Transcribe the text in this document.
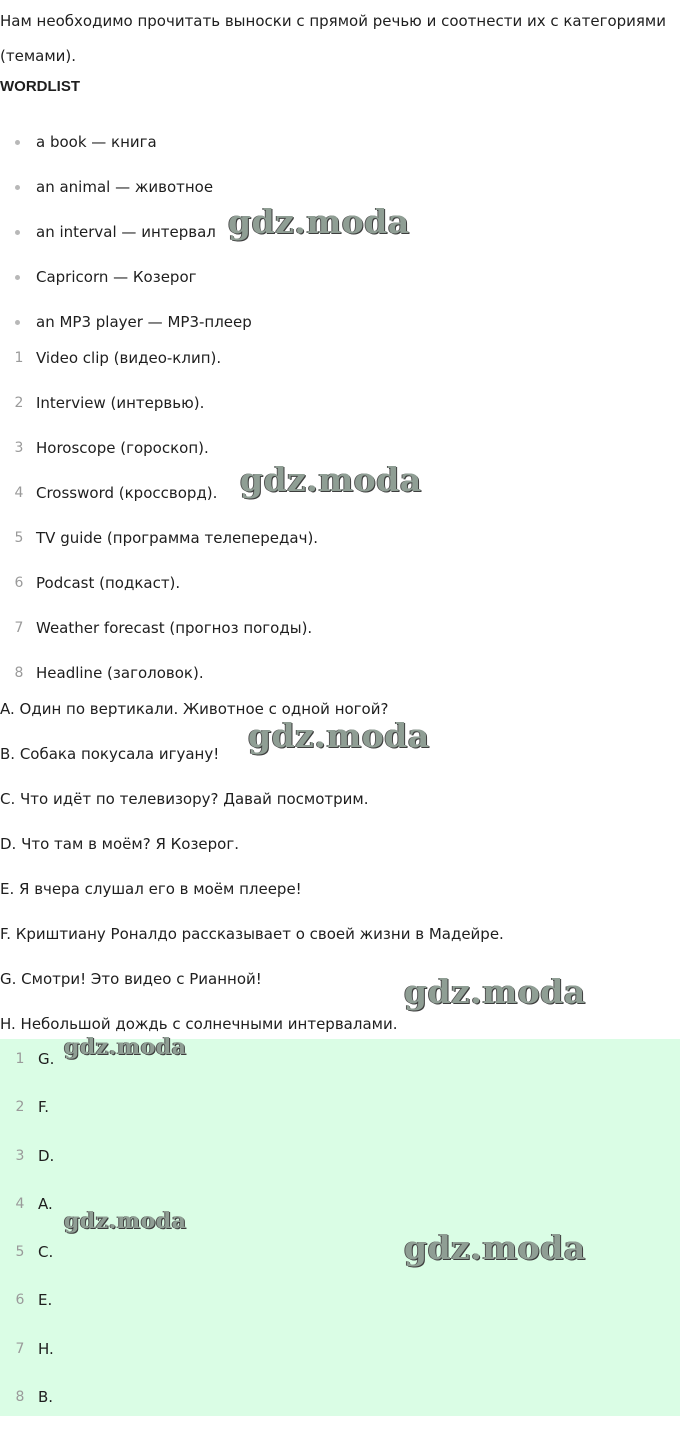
Нам необходимо прочитать выноски с прямой речью и соотнести их с категориями (темами).

WORDLIST

a book — книга
an animal — животное
an interval — интервал
Capricorn — Козерог
an MP3 player — MP3-плеер
1 Video clip (видео-клип).
2 Interview (интервью).
3 Horoscope (гороскоп).
4 Crossword (кроссворд).
5 TV guide (программа телепередач).
6 Podcast (подкаст).
7 Weather forecast (прогноз погоды).
8 Headline (заголовок).
A. Один по вертикали. Животное с одной ногой?
B. Собака покусала игуану!
C. Что идёт по телевизору? Давай посмотрим.
D. Что там в моём? Я Козерог.
E. Я вчера слушал его в моём плеере!
F. Криштиану Роналдо рассказывает о своей жизни в Мадейре.
G. Смотри! Это видео с Рианной!
H. Небольшой дождь с солнечными интервалами.
1 G.
2 F.
3 D.
4 A.
5 C.
6 E.
7 H.
8 B.
gdz.moda
gdz.moda
gdz.moda
gdz.moda
gdz.moda
gdz.moda
gdz.moda
